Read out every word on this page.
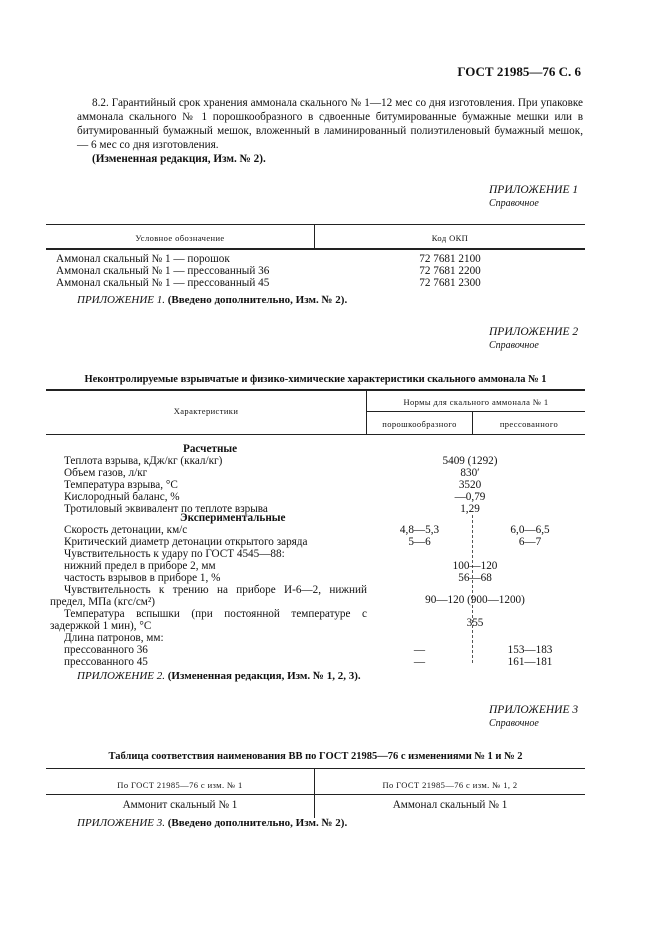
ГОСТ 21985—76 С. 6

8.2. Гарантийный срок хранения аммонала скального № 1—12 мес со дня изготовления. При упаковке аммонала скального № 1 порошкообразного в сдвоенные битумированные бумажные мешки или в битумированный бумажный мешок, вложенный в ламинированный полиэтиленовый бумажный мешок, — 6 мес со дня изготовления.

(Измененная редакция, Изм. № 2).

ПРИЛОЖЕНИЕ 1
Справочное
Условное обозначение	Код ОКП
Аммонал скальный № 1 — порошок	72 7681 2100
Аммонал скальный № 1 — прессованный 36	72 7681 2200
Аммонал скальный № 1 — прессованный 45	72 7681 2300
ПРИЛОЖЕНИЕ 1. (Введено дополнительно, Изм. № 2).
ПРИЛОЖЕНИЕ 2
Справочное
Неконтролируемые взрывчатые и физико-химические характеристики скального аммонала № 1
Характеристики
Нормы для скального аммонала № 1
порошкообразного	прессованного
Расчетные
Теплота взрыва, кДж/кг (ккал/кг)	5409 (1292)
Объем газов, л/кг	830′
Температура взрыва, °С	3520
Кислородный баланс, %	—0,79
Тротиловый эквивалент по теплоте взрыва	1,29
Экспериментальные
Скорость детонации, км/с	4,8—5,3	6,0—6,5
Критический диаметр детонации открытого заряда	5—6	6—7
Чувствительность к удару по ГОСТ 4545—88:
нижний предел в приборе 2, мм	100—120
частость взрывов в приборе 1, %	56—68
Чувствительность к трению на приборе И-6—2, нижний
предел, МПа (кгс/см²)	90—120 (900—1200)
Температура вспышки (при постоянной температуре с
задержкой 1 мин), °С	355
Длина патронов, мм:
прессованного 36	—	153—183
прессованного 45	—	161—181
ПРИЛОЖЕНИЕ 2. (Измененная редакция, Изм. № 1, 2, 3).
ПРИЛОЖЕНИЕ 3
Справочное
Таблица соответствия наименования ВВ по ГОСТ 21985—76 с изменениями № 1 и № 2
По ГОСТ 21985—76 с изм. № 1	По ГОСТ 21985—76 с изм. № 1, 2
Аммонит скальный № 1	Аммонал скальный № 1
ПРИЛОЖЕНИЕ 3. (Введено дополнительно, Изм. № 2).
